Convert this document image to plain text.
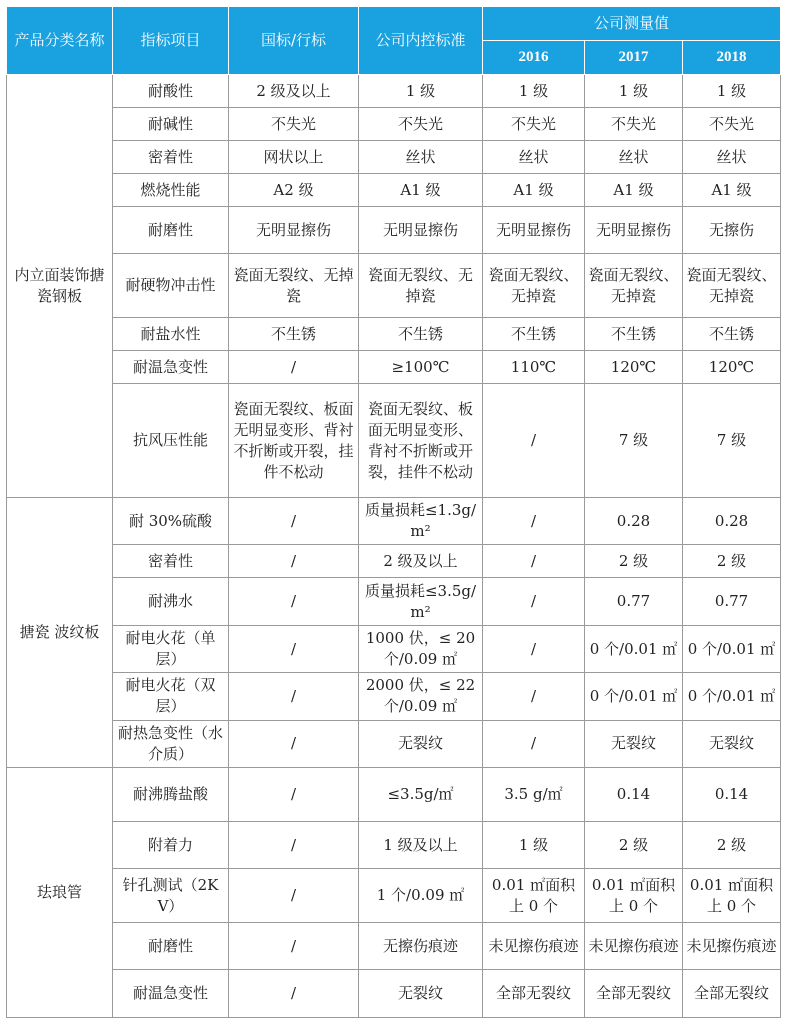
产品分类名称	指标项目	国标/行标	公司内控标准	公司测量值		
				2016	2017	2018
内立面装饰搪瓷钢板	耐酸性	2 级及以上	1 级	1 级	1 级	1 级
	耐碱性	不失光	不失光	不失光	不失光	不失光
	密着性	网状以上	丝状	丝状	丝状	丝状
	燃烧性能	A2 级	A1 级	A1 级	A1 级	A1 级
	耐磨性	无明显擦伤	无明显擦伤	无明显擦伤	无明显擦伤	无擦伤
	耐硬物冲击性	瓷面无裂纹、无掉瓷	瓷面无裂纹、无掉瓷	瓷面无裂纹、无掉瓷	瓷面无裂纹、无掉瓷	瓷面无裂纹、无掉瓷
	耐盐水性	不生锈	不生锈	不生锈	不生锈	不生锈
	耐温急变性	/	≥100℃	110℃	120℃	120℃
	抗风压性能	瓷面无裂纹、板面无明显变形、背衬不折断或开裂，挂件不松动	瓷面无裂纹、板面无明显变形、背衬不折断或开裂，挂件不松动	/	7 级	7 级
搪瓷 波纹板	耐 30%硫酸	/	质量损耗≤1.3g/m²	/	0.28	0.28
	密着性	/	2 级及以上	/	2 级	2 级
	耐沸水	/	质量损耗≤3.5g/m²	/	0.77	0.77
	耐电火花（单层）	/	1000 伏，≤ 20 个/0.09 ㎡	/	0 个/0.01 ㎡	0 个/0.01 ㎡
	耐电火花（双层）	/	2000 伏，≤ 22 个/0.09 ㎡	/	0 个/0.01 ㎡	0 个/0.01 ㎡
	耐热急变性（水介质）	/	无裂纹	/	无裂纹	无裂纹
珐琅管	耐沸腾盐酸	/	≤3.5g/㎡	3.5 g/㎡	0.14	0.14
	附着力	/	1 级及以上	1 级	2 级	2 级
	针孔测试（2KV）	/	1 个/0.09 ㎡	0.01 ㎡面积上 0 个	0.01 ㎡面积上 0 个	0.01 ㎡面积上 0 个
	耐磨性	/	无擦伤痕迹	未见擦伤痕迹	未见擦伤痕迹	未见擦伤痕迹
	耐温急变性	/	无裂纹	全部无裂纹	全部无裂纹	全部无裂纹
